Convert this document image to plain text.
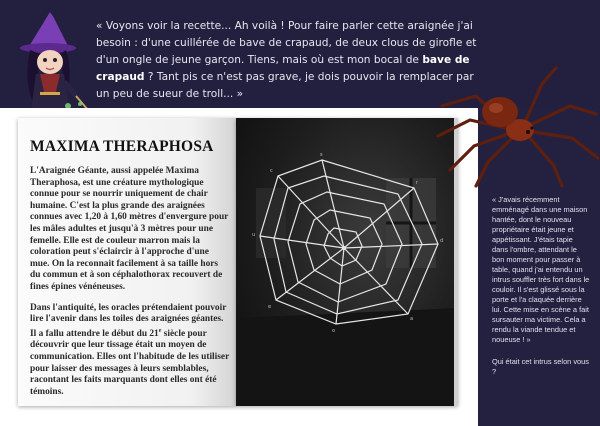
« Voyons voir la recette... Ah voilà ! Pour faire parler cette araignée j'ai besoin : d'une cuillérée de bave de crapaud, de deux clous de girofle et d'un ongle de jeune garçon. Tiens, mais où est mon bocal de bave de crapaud ? Tant pis ce n'est pas grave, je dois pouvoir la remplacer par un peu de sueur de troll... »

MAXIMA THERAPHOSA

L'Araignée Géante, aussi appelée Maxima Theraphosa, est une créature mythologique connue pour se nourrir uniquement de chair humaine. C'est la plus grande des araignées connues avec 1,20 à 1,60 mètres d'envergure pour les mâles adultes et jusqu'à 3 mètres pour une femelle. Elle est de couleur marron mais la coloration peut s'éclaircir à l'approche d'une mue. On la reconnait facilement à sa taille hors du commun et à son céphalothorax recouvert de fines épines vénéneuses.

Dans l'antiquité, les oracles prétendaient pouvoir lire l'avenir dans les toiles des araignées géantes. Il a fallu attendre le début du 21e siècle pour découvrir que leur tissage était un moyen de communication. Elles ont l'habitude de les utiliser pour laisser des messages à leurs semblables, racontant les faits marquants dont elles ont été témoins.

s
r
d
a
o
e
u
c

« J'avais récemment emménagé dans une maison hantée, dont le nouveau propriétaire était jeune et appétissant. J'étais tapie dans l'ombre, attendant le bon moment pour passer à table, quand j'ai entendu un intrus souffler très fort dans le couloir. Il s'est glissé sous la porte et l'a claquée derrière lui. Cette mise en scène a fait sursauter ma victime. Cela a rendu la viande tendue et noueuse ! »

Qui était cet intrus selon vous ?
